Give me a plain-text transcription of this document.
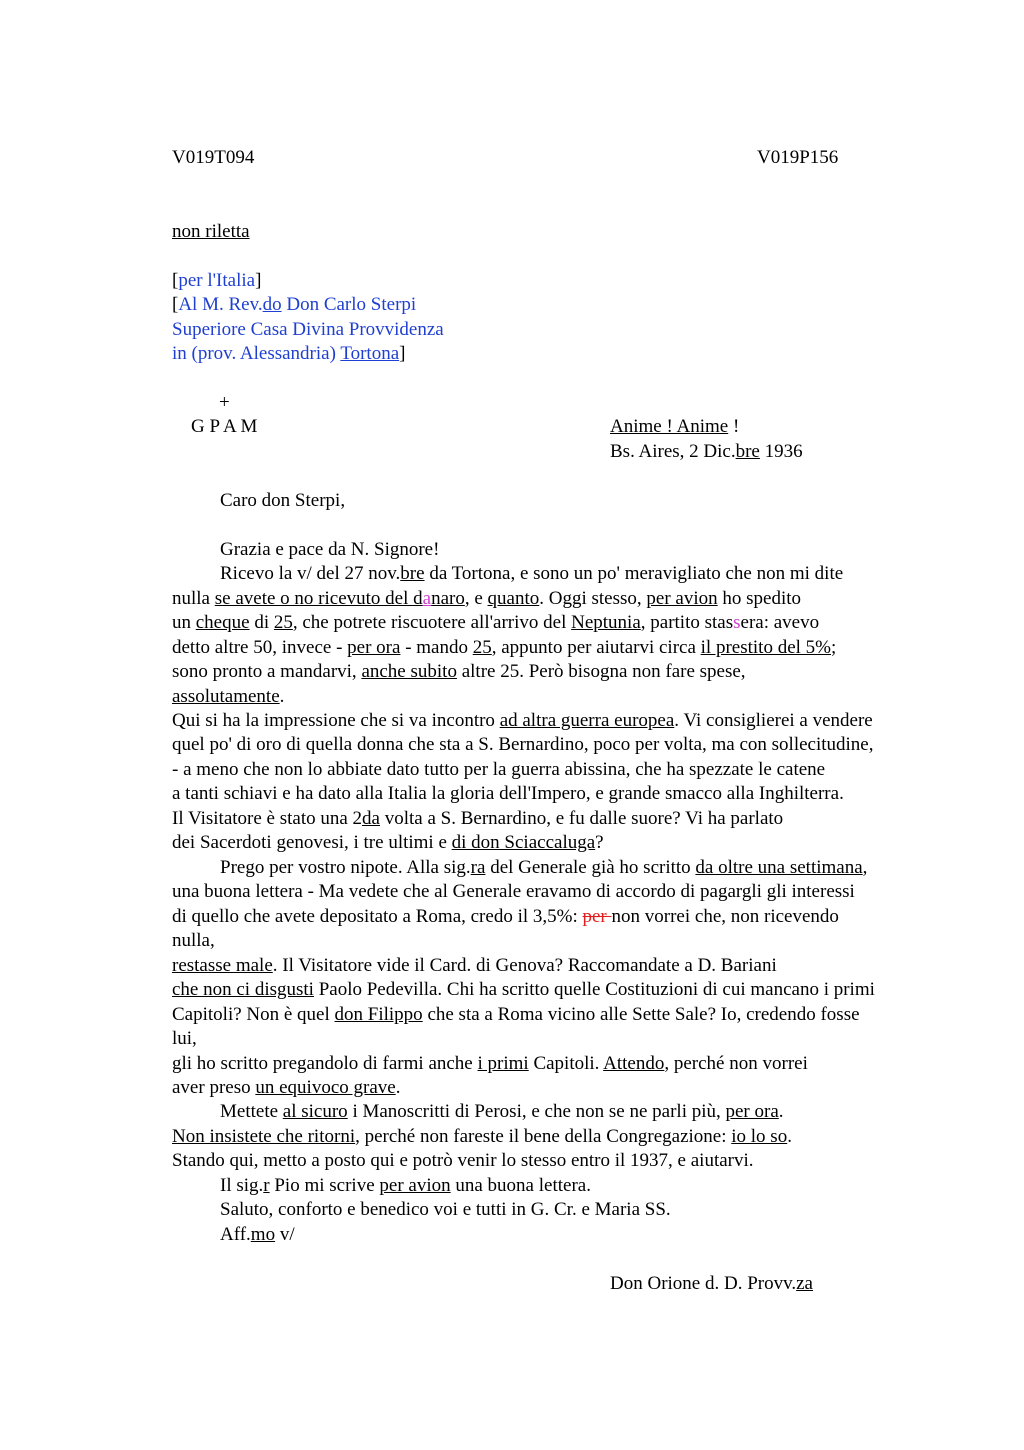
V019T094	V019P156
non riletta
[per l'Italia]
[Al M. Rev.do Don Carlo Sterpi
Superiore Casa Divina Provvidenza
in (prov. Alessandria) Tortona]
+
G P A M	Anime ! Anime !
Bs. Aires, 2 Dic.bre 1936
Caro don Sterpi,
Grazia e pace da N. Signore!
Ricevo la v/ del 27 nov.bre da Tortona, e sono un po' meravigliato che non mi dite
nulla se avete o no ricevuto del danaro, e quanto. Oggi stesso, per avion ho spedito
un cheque di 25, che potrete riscuotere all'arrivo del Neptunia, partito stassera: avevo
detto altre 50, invece - per ora - mando 25, appunto per aiutarvi circa il prestito del 5%;
sono pronto a mandarvi, anche subito altre 25. Però bisogna non fare spese,
assolutamente.
Qui si ha la impressione che si va incontro ad altra guerra europea. Vi consiglierei a vendere
quel po' di oro di quella donna che sta a S. Bernardino, poco per volta, ma con sollecitudine,
- a meno che non lo abbiate dato tutto per la guerra abissina, che ha spezzate le catene
a tanti schiavi e ha dato alla Italia la gloria dell'Impero, e grande smacco alla Inghilterra.
Il Visitatore è stato una 2da volta a S. Bernardino, e fu dalle suore? Vi ha parlato
dei Sacerdoti genovesi, i tre ultimi e di don Sciaccaluga?
Prego per vostro nipote. Alla sig.ra del Generale già ho scritto da oltre una settimana,
una buona lettera - Ma vedete che al Generale eravamo di accordo di pagargli gli interessi
di quello che avete depositato a Roma, credo il 3,5%: per non vorrei che, non ricevendo
nulla,
restasse male. Il Visitatore vide il Card. di Genova? Raccomandate a D. Bariani
che non ci disgusti Paolo Pedevilla. Chi ha scritto quelle Costituzioni di cui mancano i primi
Capitoli? Non è quel don Filippo che sta a Roma vicino alle Sette Sale? Io, credendo fosse
lui,
gli ho scritto pregandolo di farmi anche i primi Capitoli. Attendo, perché non vorrei
aver preso un equivoco grave.
Mettete al sicuro i Manoscritti di Perosi, e che non se ne parli più, per ora.
Non insistete che ritorni, perché non fareste il bene della Congregazione: io lo so.
Stando qui, metto a posto qui e potrò venir lo stesso entro il 1937, e aiutarvi.
Il sig.r Pio mi scrive per avion una buona lettera.
Saluto, conforto e benedico voi e tutti in G. Cr. e Maria SS.
Aff.mo v/
Don Orione d. D. Provv.za
